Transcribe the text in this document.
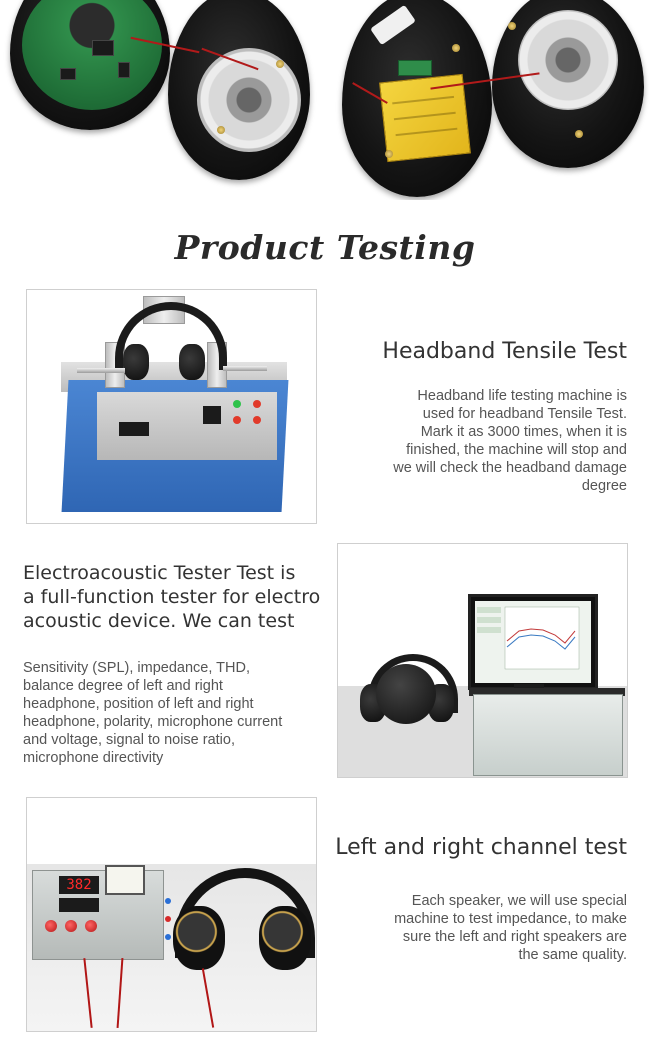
Product Testing
Headband Tensile Test
Headband life testing machine is
used for headband Tensile Test.
Mark it as 3000 times, when it is
finished, the machine will stop and
we will check the headband damage
degree
Electroacoustic Tester Test is
a full-function tester for electro
acoustic device. We can test
Sensitivity (SPL), impedance, THD,
balance degree of left and right
headphone, position of left and right
headphone, polarity, microphone current
and voltage, signal to noise ratio,
microphone directivity
382
Left and right channel test
Each speaker, we will use special
machine to test impedance, to make
sure the left and right speakers are
the same quality.
